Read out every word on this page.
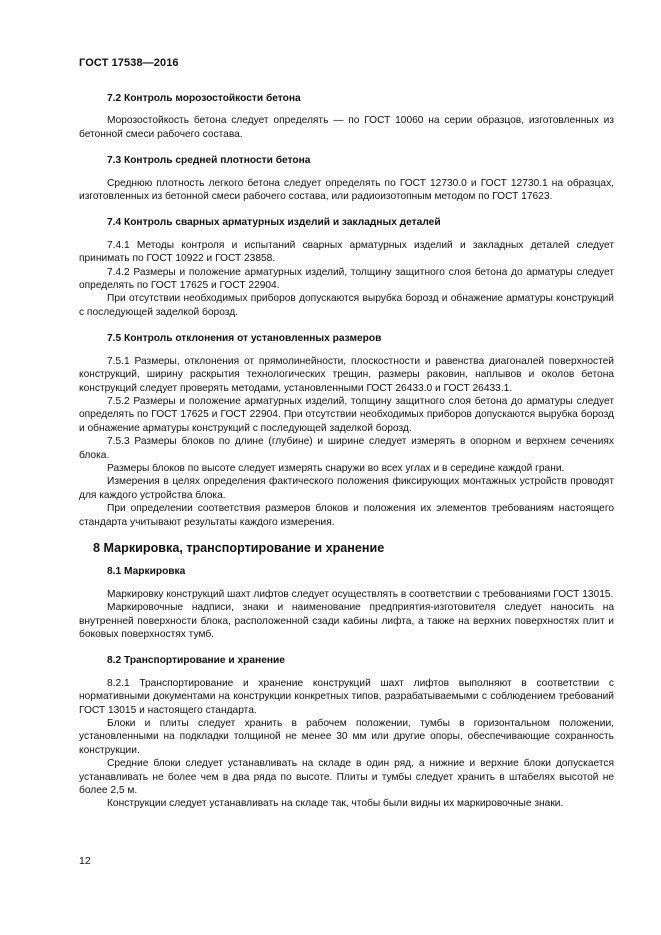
ГОСТ 17538—2016
7.2 Контроль морозостойкости бетона

Морозостойкость бетона следует определять — по ГОСТ 10060 на серии образцов, изготовленных из бетонной смеси рабочего состава.

7.3 Контроль средней плотности бетона

Среднюю плотность легкого бетона следует определять по ГОСТ 12730.0 и ГОСТ 12730.1 на образцах, изготовленных из бетонной смеси рабочего состава, или радиоизотопным методом по ГОСТ 17623.

7.4 Контроль сварных арматурных изделий и закладных деталей

7.4.1 Методы контроля и испытаний сварных арматурных изделий и закладных деталей следует принимать по ГОСТ 10922 и ГОСТ 23858.

7.4.2 Размеры и положение арматурных изделий, толщину защитного слоя бетона до арматуры следует определять по ГОСТ 17625 и ГОСТ 22904.

При отсутствии необходимых приборов допускаются вырубка борозд и обнажение арматуры конструкций с последующей заделкой борозд.

7.5 Контроль отклонения от установленных размеров

7.5.1 Размеры, отклонения от прямолинейности, плоскостности и равенства диагоналей поверхностей конструкций, ширину раскрытия технологических трещин, размеры раковин, наплывов и околов бетона конструкций следует проверять методами, установленными ГОСТ 26433.0 и ГОСТ 26433.1.

7.5.2 Размеры и положение арматурных изделий, толщину защитного слоя бетона до арматуры следует определять по ГОСТ 17625 и ГОСТ 22904. При отсутствии необходимых приборов допускаются вырубка борозд и обнажение арматуры конструкций с последующей заделкой борозд.

7.5.3 Размеры блоков по длине (глубине) и ширине следует измерять в опорном и верхнем сечениях блока.

Размеры блоков по высоте следует измерять снаружи во всех углах и в середине каждой грани.

Измерения в целях определения фактического положения фиксирующих монтажных устройств проводят для каждого устройства блока.

При определении соответствия размеров блоков и положения их элементов требованиям настоящего стандарта учитывают результаты каждого измерения.

8 Маркировка, транспортирование и хранение
8.1 Маркировка

Маркировку конструкций шахт лифтов следует осуществлять в соответствии с требованиями ГОСТ 13015.

Маркировочные надписи, знаки и наименование предприятия-изготовителя следует наносить на внутренней поверхности блока, расположенной сзади кабины лифта, а также на верхних поверхностях плит и боковых поверхностях тумб.

8.2 Транспортирование и хранение

8.2.1 Транспортирование и хранение конструкций шахт лифтов выполняют в соответствии с нормативными документами на конструкции конкретных типов, разрабатываемыми с соблюдением требований ГОСТ 13015 и настоящего стандарта.

Блоки и плиты следует хранить в рабочем положении, тумбы в горизонтальном положении, установленными на подкладки толщиной не менее 30 мм или другие опоры, обеспечивающие сохранность конструкции.

Средние блоки следует устанавливать на складе в один ряд, а нижние и верхние блоки допускается устанавливать не более чем в два ряда по высоте. Плиты и тумбы следует хранить в штабелях высотой не более 2,5 м.

Конструкции следует устанавливать на складе так, чтобы были видны их маркировочные знаки.

12
